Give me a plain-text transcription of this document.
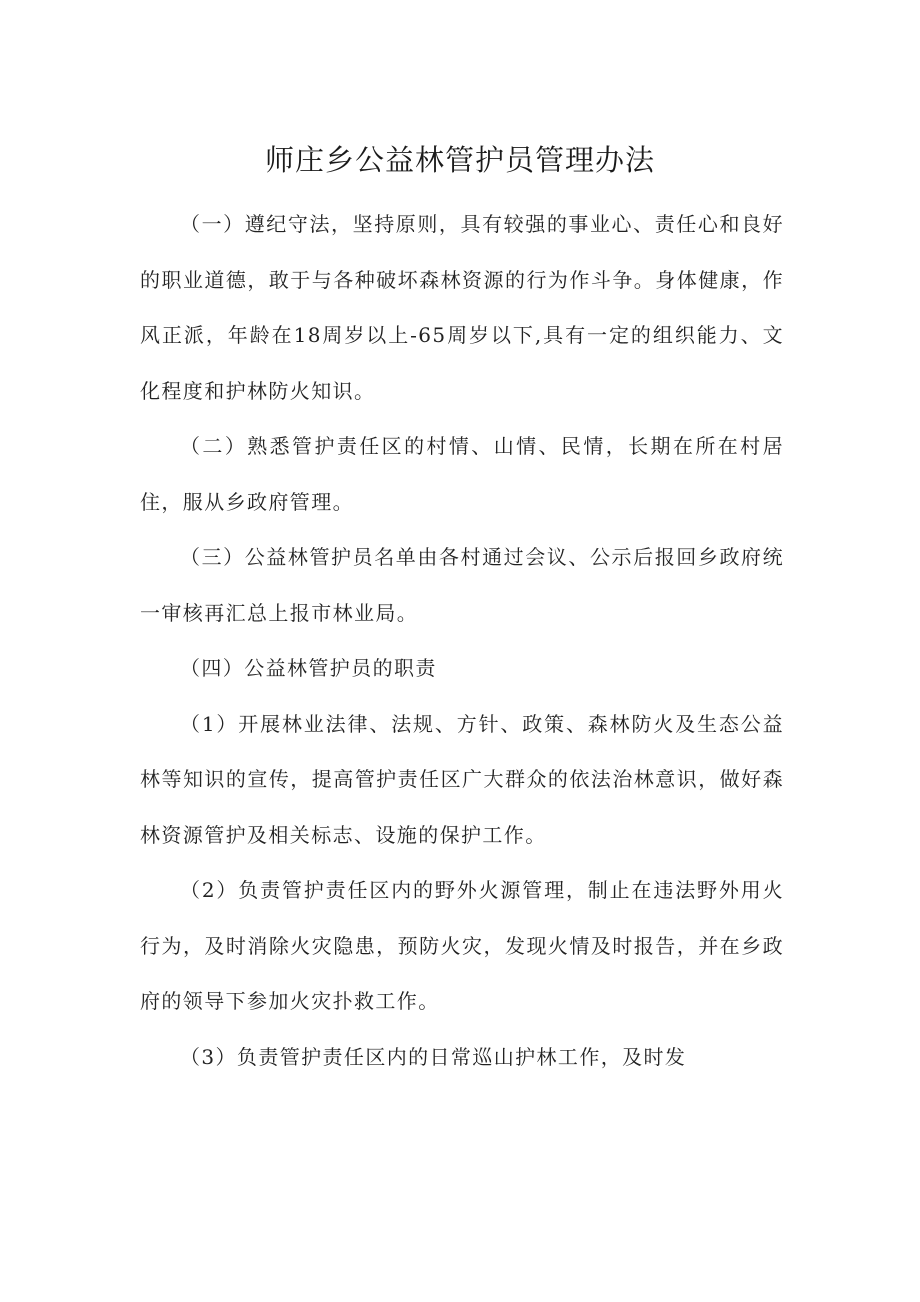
师庄乡公益林管护员管理办法

（一）遵纪守法，坚持原则，具有较强的事业心、责任心和良好的职业道德，敢于与各种破坏森林资源的行为作斗争。身体健康，作风正派，年龄在18周岁以上-65周岁以下,具有一定的组织能力、文化程度和护林防火知识。

（二）熟悉管护责任区的村情、山情、民情，长期在所在村居住，服从乡政府管理。

（三）公益林管护员名单由各村通过会议、公示后报回乡政府统一审核再汇总上报市林业局。

（四）公益林管护员的职责

（1）开展林业法律、法规、方针、政策、森林防火及生态公益林等知识的宣传，提高管护责任区广大群众的依法治林意识，做好森林资源管护及相关标志、设施的保护工作。

（2）负责管护责任区内的野外火源管理，制止在违法野外用火行为，及时消除火灾隐患，预防火灾，发现火情及时报告，并在乡政府的领导下参加火灾扑救工作。

（3）负责管护责任区内的日常巡山护林工作，及时发
